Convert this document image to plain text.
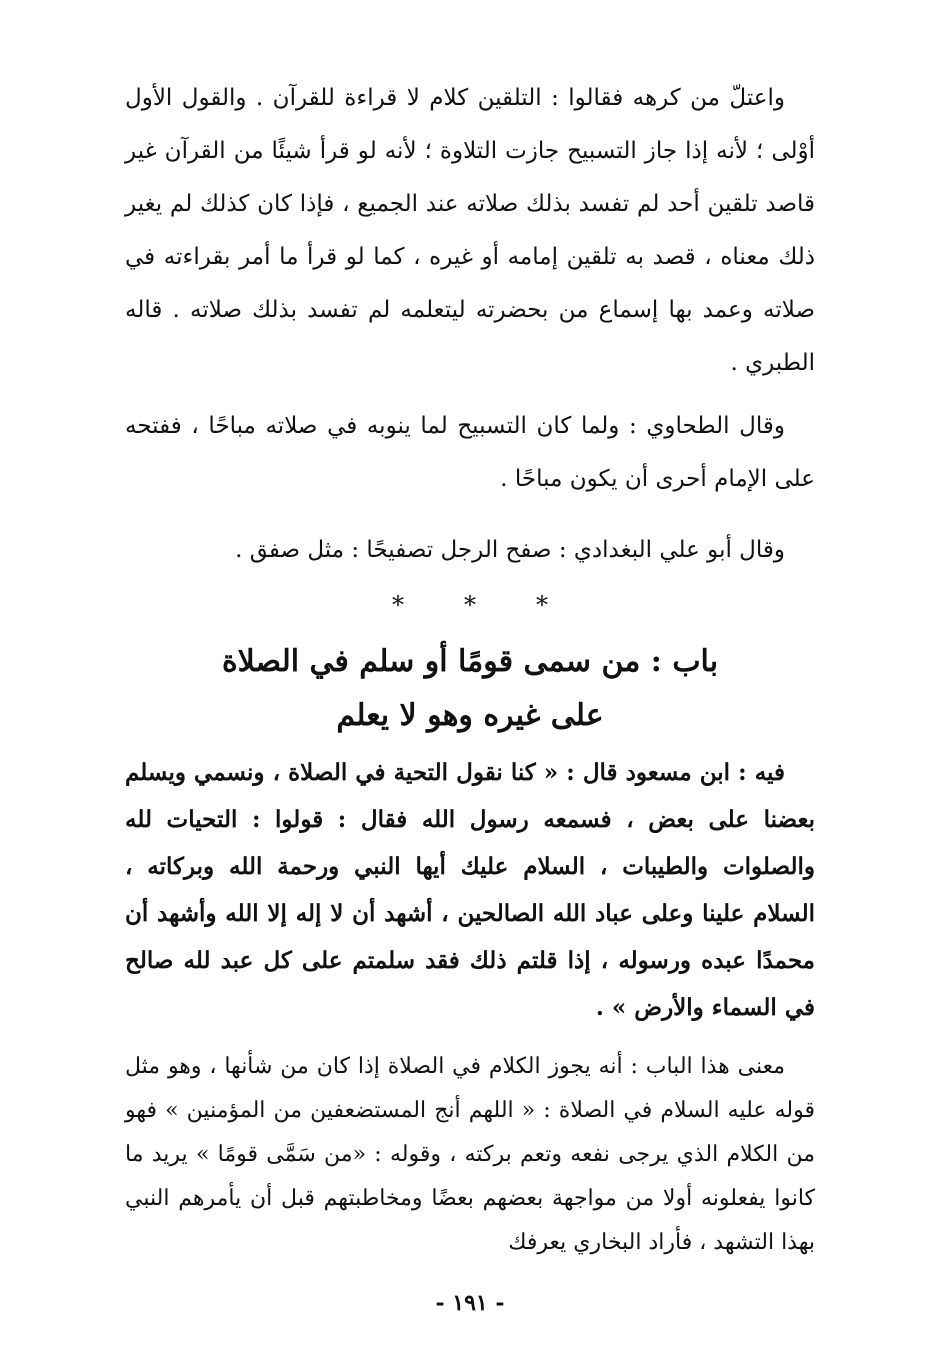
واعتلّ من كرهه فقالوا : التلقين كلام لا قراءة للقرآن . والقول الأول أوْلى ؛ لأنه إذا جاز التسبيح جازت التلاوة ؛ لأنه لو قرأ شيئًا من القرآن غير قاصد تلقين أحد لم تفسد بذلك صلاته عند الجميع ، فإذا كان كذلك لم يغير ذلك معناه ، قصد به تلقين إمامه أو غيره ، كما لو قرأ ما أمر بقراءته في صلاته وعمد بها إسماع من بحضرته ليتعلمه لم تفسد بذلك صلاته . قاله الطبري .

وقال الطحاوي : ولما كان التسبيح لما ينوبه في صلاته مباحًا ، ففتحه على الإمام أحرى أن يكون مباحًا .

وقال أبو علي البغدادي : صفح الرجل تصفيحًا : مثل صفق .

*
*
*
باب : من سمى قومًا أو سلم في الصلاة
على غيره وهو لا يعلم

فيه : ابن مسعود قال : « كنا نقول التحية في الصلاة ، ونسمي ويسلم بعضنا على بعض ، فسمعه رسول الله فقال : قولوا : التحيات لله والصلوات والطيبات ، السلام عليك أيها النبي ورحمة الله وبركاته ، السلام علينا وعلى عباد الله الصالحين ، أشهد أن لا إله إلا الله وأشهد أن محمدًا عبده ورسوله ، إذا قلتم ذلك فقد سلمتم على كل عبد لله صالح في السماء والأرض » .

معنى هذا الباب : أنه يجوز الكلام في الصلاة إذا كان من شأنها ، وهو مثل قوله عليه السلام في الصلاة : « اللهم أنج المستضعفين من المؤمنين » فهو من الكلام الذي يرجى نفعه وتعم بركته ، وقوله : «من سَمَّى قومًا » يريد ما كانوا يفعلونه أولا من مواجهة بعضهم بعضًا ومخاطبتهم قبل أن يأمرهم النبي بهذا التشهد ، فأراد البخاري يعرفك

- ١٩١ -
